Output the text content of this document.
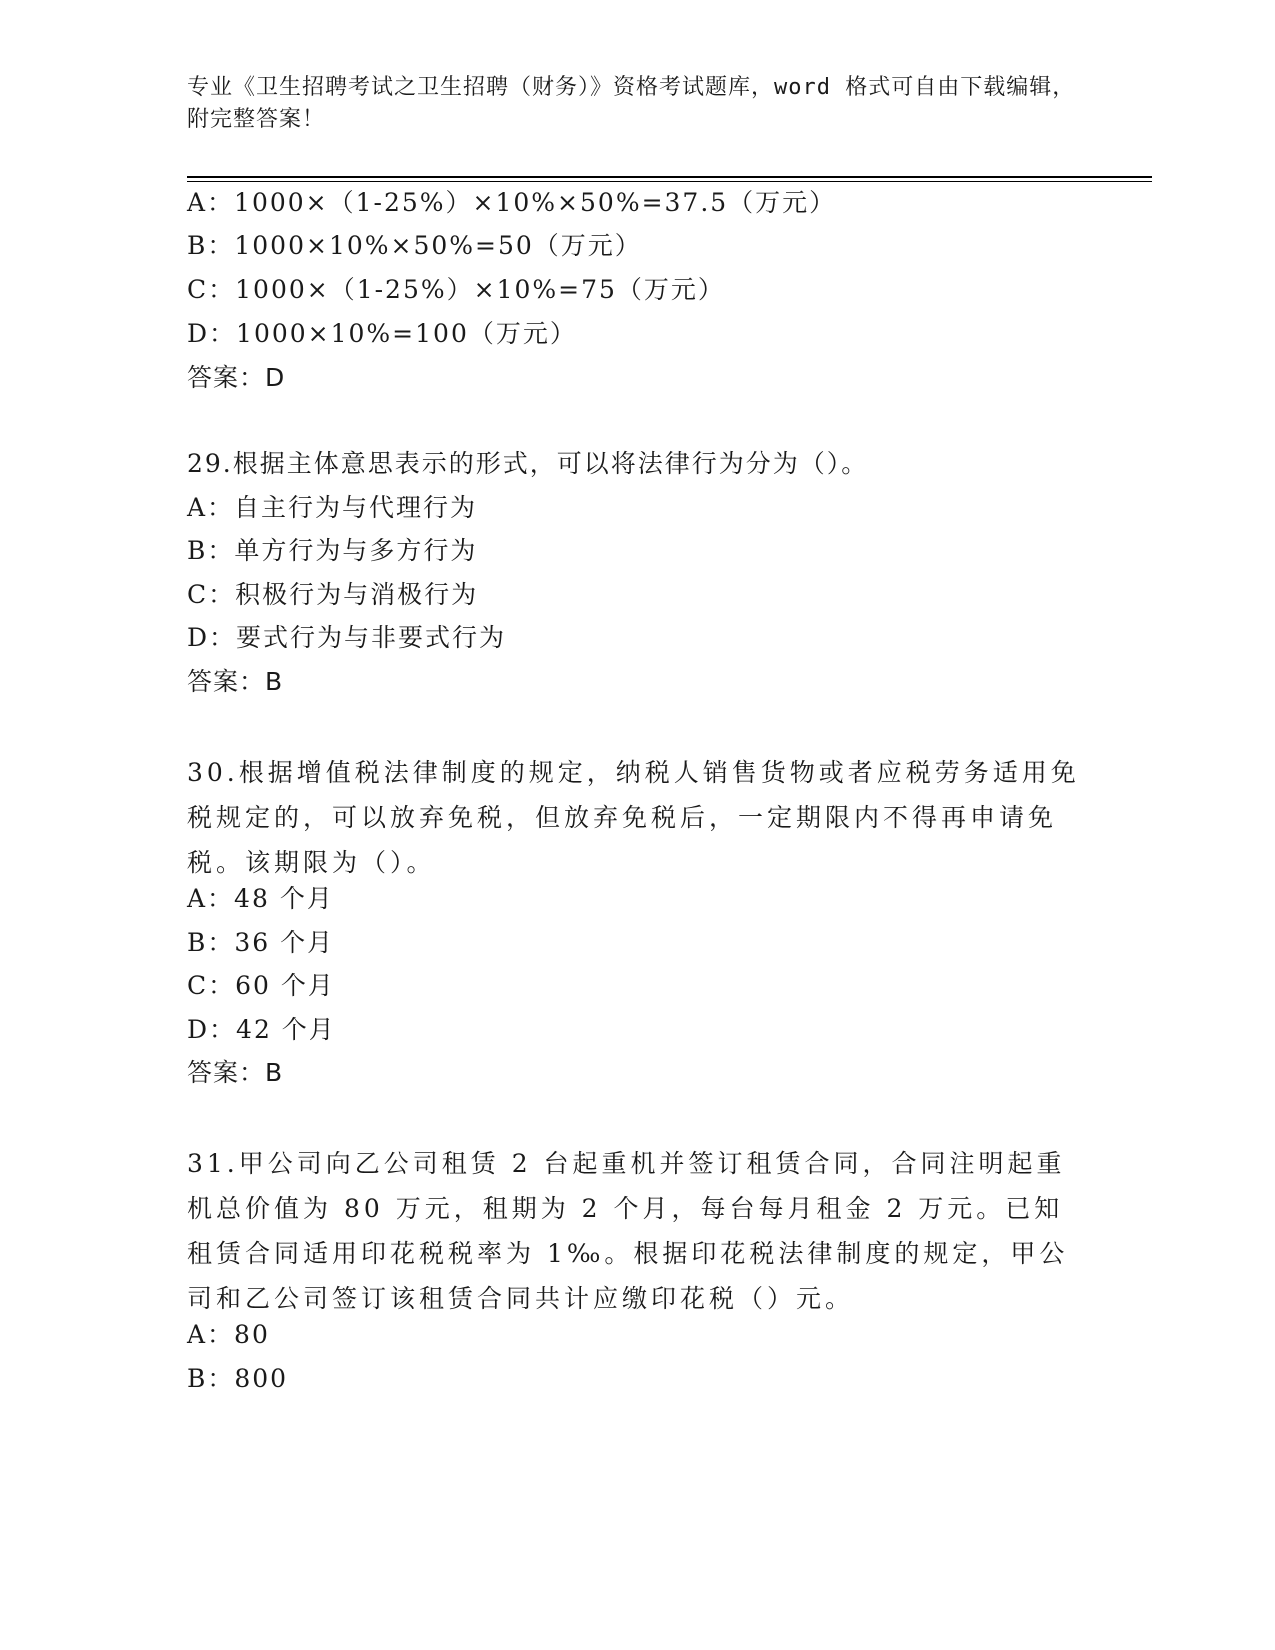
专业《卫生招聘考试之卫生招聘（财务）》资格考试题库，word 格式可自由下载编辑，附完整答案！
A：1000×（1-25%）×10%×50%=37.5（万元）
B：1000×10%×50%=50（万元）
C：1000×（1-25%）×10%=75（万元）
D：1000×10%=100（万元）
答案：D
29.根据主体意思表示的形式，可以将法律行为分为（）。
A：自主行为与代理行为
B：单方行为与多方行为
C：积极行为与消极行为
D：要式行为与非要式行为
答案：B
30.根据增值税法律制度的规定，纳税人销售货物或者应税劳务适用免税规定的，可以放弃免税，但放弃免税后，一定期限内不得再申请免税。该期限为（）。
A：48 个月
B：36 个月
C：60 个月
D：42 个月
答案：B
31.甲公司向乙公司租赁 2 台起重机并签订租赁合同，合同注明起重机总价值为 80 万元，租期为 2 个月，每台每月租金 2 万元。已知租赁合同适用印花税税率为 1‰。根据印花税法律制度的规定，甲公司和乙公司签订该租赁合同共计应缴印花税（）元。
A：80
B：800
